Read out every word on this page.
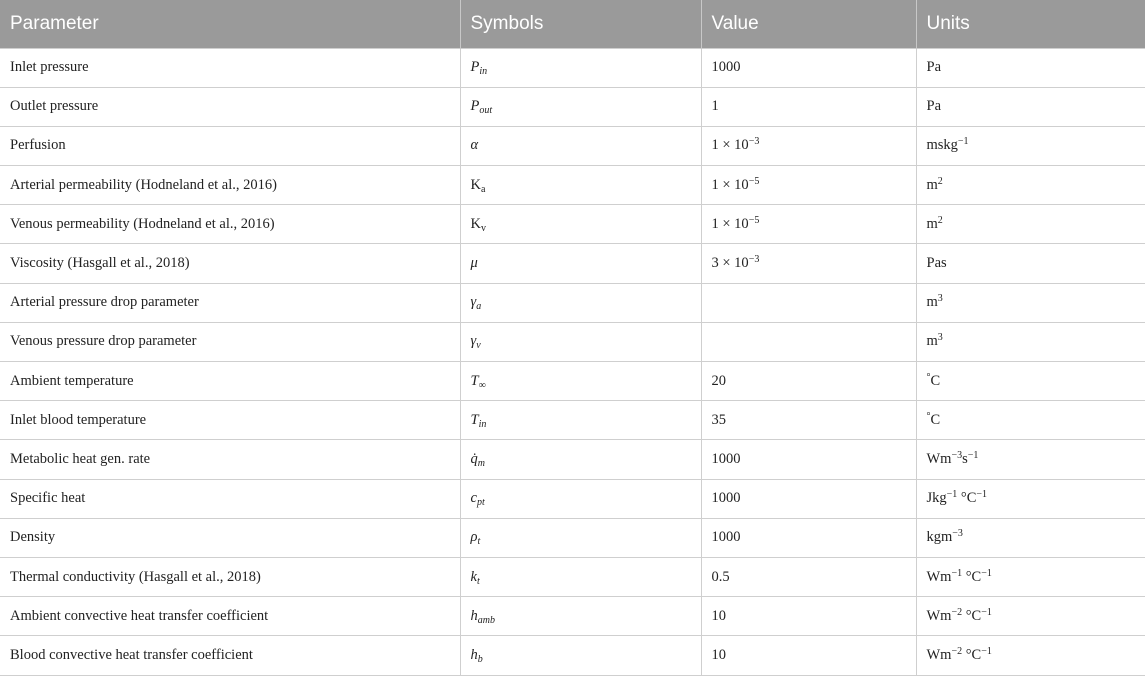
Parameter	Symbols	Value	Units
Inlet pressure	$P_{in}$	1000	Pa
Outlet pressure	$P_{out}$	1	Pa
Perfusion	α	$1 \times 10^{-3}$	mskg$^{-1}$
Arterial permeability (Hodneland et al., 2016)	$K_a$	$1 \times 10^{-5}$	$m^2$
Venous permeability (Hodneland et al., 2016)	$K_v$	$1 \times 10^{-5}$	$m^2$
Viscosity (Hasgall et al., 2018)	μ	$3 \times 10^{-3}$	Pas
Arterial pressure drop parameter	$\gamma_a$		$m^3$
Venous pressure drop parameter	$\gamma_v$		$m^3$
Ambient temperature	$T_\infty$	20	°C
Inlet blood temperature	$T_{in}$	35	°C
Metabolic heat gen. rate	$q̇_m$	1000	$Wm^{-3}s^{-1}$
Specific heat	$c_{pt}$	1000	Jkg$^{-1}$ $^\circ C^{-1}$
Density	$\rho_t$	1000	kgm$^{-3}$
Thermal conductivity (Hasgall et al., 2018)	$k_t$	0.5	$Wm^{-1}$ $^\circ C^{-1}$
Ambient convective heat transfer coefficient	$h_{amb}$	10	$Wm^{-2}$ $^\circ C^{-1}$
Blood convective heat transfer coefficient	$h_b$	10	$Wm^{-2}$ $^\circ C^{-1}$
